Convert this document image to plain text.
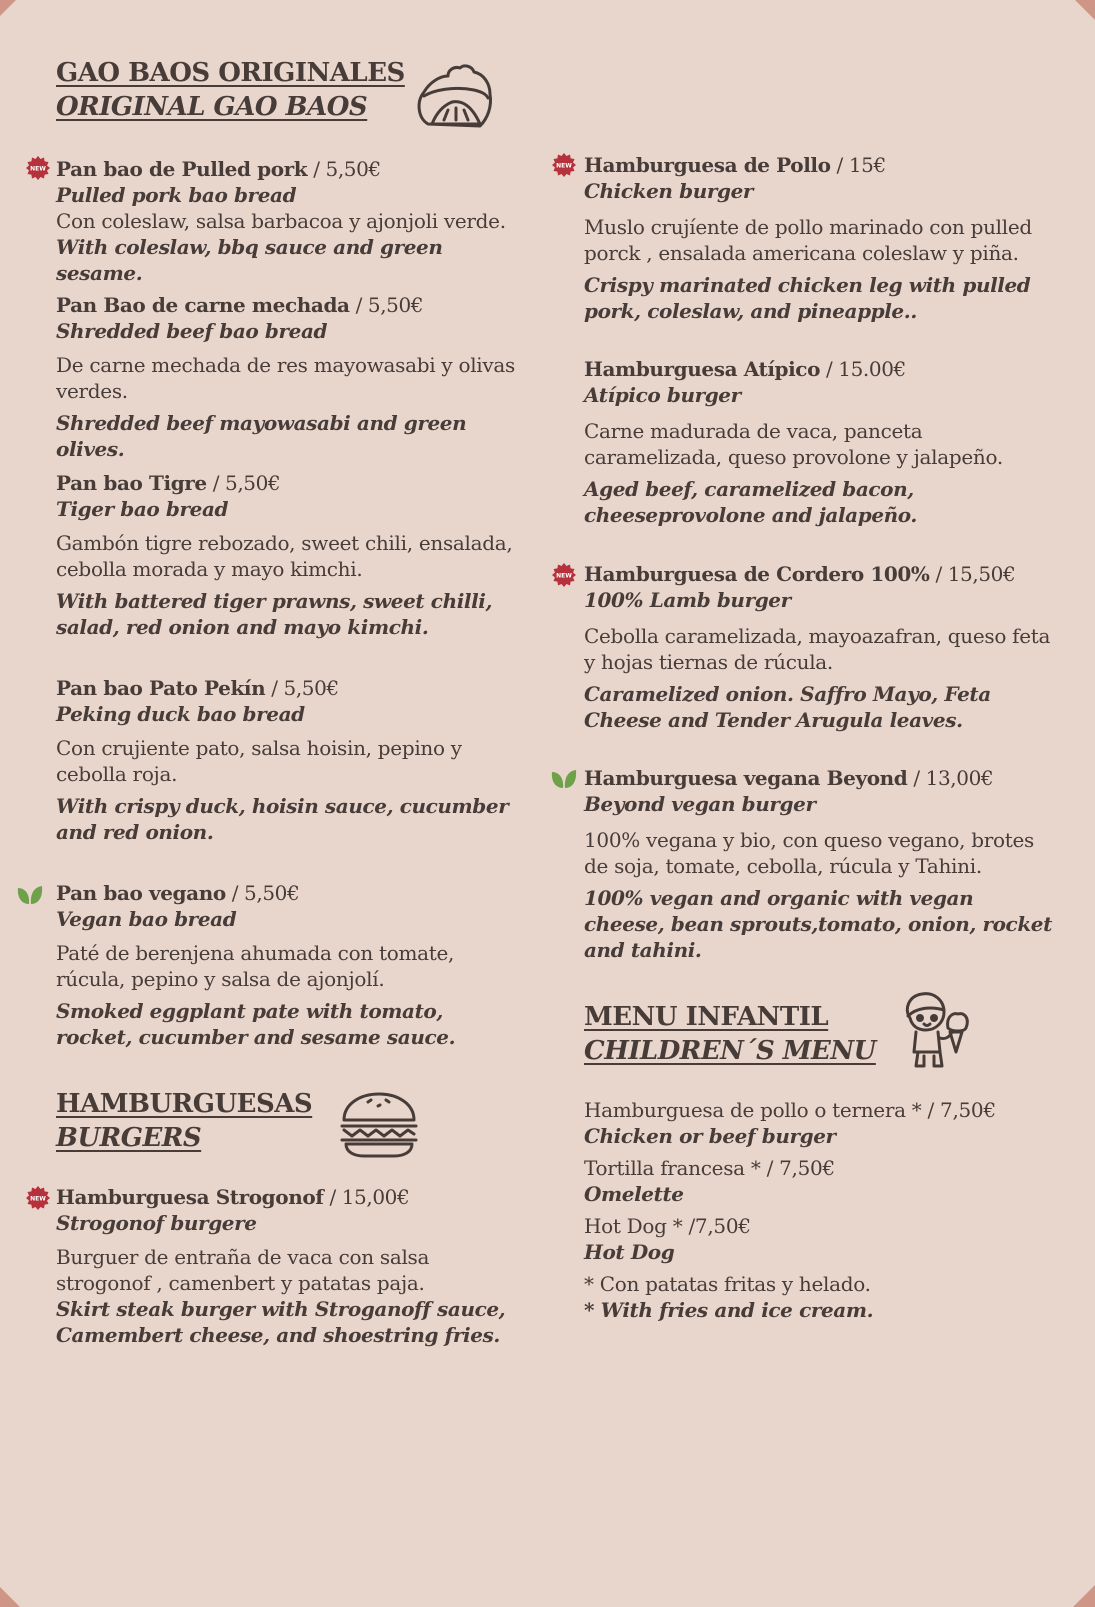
GAO BAOS ORIGINALES
ORIGINAL GAO BAOS
NEW Pan bao de Pulled pork / 5,50€
Pulled pork bao bread
Con coleslaw, salsa barbacoa y ajonjoli verde.
With coleslaw, bbq sauce and green sesame.
Pan Bao de carne mechada / 5,50€
Shredded beef bao bread
De carne mechada de res mayowasabi y olivas verdes.
Shredded beef mayowasabi and green olives.
Pan bao Tigre / 5,50€
Tiger bao bread
Gambón tigre rebozado, sweet chili, ensalada, cebolla morada y mayo kimchi.
With battered tiger prawns, sweet chilli, salad, red onion and mayo kimchi.
Pan bao Pato Pekín / 5,50€
Peking duck bao bread
Con crujiente pato, salsa hoisin, pepino y cebolla roja.
With crispy duck, hoisin sauce, cucumber and red onion.
Pan bao vegano / 5,50€
Vegan bao bread
Paté de berenjena ahumada con tomate, rúcula, pepino y salsa de ajonjolí.
Smoked eggplant pate with tomato, rocket, cucumber and sesame sauce.
HAMBURGUESAS
BURGERS
NEW Hamburguesa Strogonof / 15,00€
Strogonof burgere
Burguer de entraña de vaca con salsa strogonof , camenbert y patatas paja.
Skirt steak burger with Stroganoff sauce, Camembert cheese, and shoestring fries.
NEW Hamburguesa de Pollo / 15€
Chicken burger
Muslo crujíente de pollo marinado con pulled porck , ensalada americana coleslaw y piña.
Crispy marinated chicken leg with pulled pork, coleslaw, and pineapple..
Hamburguesa Atípico / 15.00€
Atípico burger
Carne madurada de vaca, panceta caramelizada, queso provolone y jalapeño.
Aged beef, caramelized bacon, cheeseprovolone and jalapeño.
NEW Hamburguesa de Cordero 100% / 15,50€
100% Lamb burger
Cebolla caramelizada, mayoazafran, queso feta y hojas tiernas de rúcula.
Caramelized onion. Saffro Mayo, Feta Cheese and Tender Arugula leaves.
Hamburguesa vegana Beyond / 13,00€
Beyond vegan burger
100% vegana y bio, con queso vegano, brotes de soja, tomate, cebolla, rúcula y Tahini.
100% vegan and organic with vegan cheese, bean sprouts,tomato, onion, rocket and tahini.
MENU INFANTIL
CHILDREN´S MENU
Hamburguesa de pollo o ternera * / 7,50€
Chicken or beef burger
Tortilla francesa * / 7,50€
Omelette
Hot Dog * /7,50€
Hot Dog
* Con patatas fritas y helado.
* With fries and ice cream.
